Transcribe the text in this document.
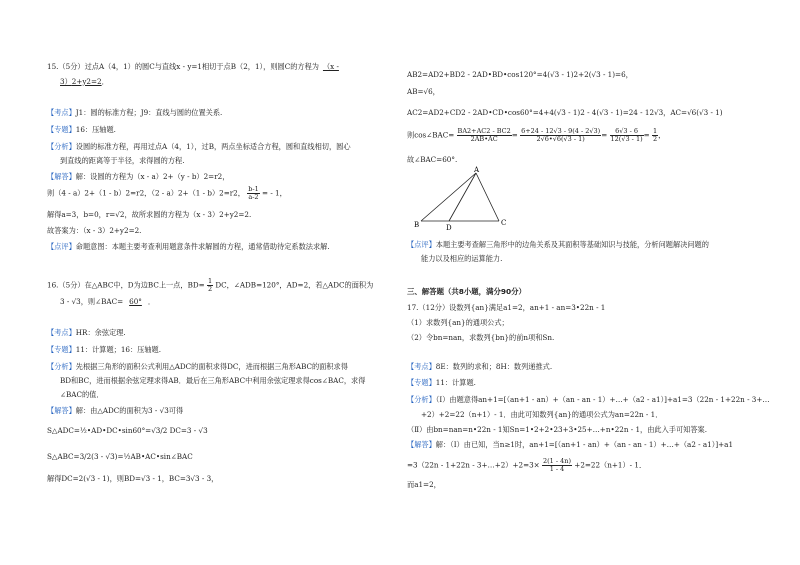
15.（5分）过点A（4，1）的圆C与直线x - y=1相切于点B（2，1），则圆C的方程为 （x -
3）2+y2=2．
【考点】J1：圆的标准方程；J9：直线与圆的位置关系.
【专题】16：压轴题.
【分析】设圆的标准方程，再用过点A（4，1），过B，两点坐标适合方程，圆和直线相切，圆心
到直线的距离等于半径，求得圆的方程.
【解答】解：设圆的方程为（x - a）2+（y - b）2=r2，
则（4 - a）2+（1 - b）2=r2，（2 - a）2+（1 - b）2=r2， $\frac{b-1}{a-2}$ = - 1，
解得a=3，b=0，r=√2，故所求圆的方程为（x - 3）2+y2=2.
故答案为：（x - 3）2+y2=2.
【点评】命题意图：本题主要考查利用题意条件求解圆的方程，通常借助待定系数法求解.
16.（5分）在△ABC中，D为边BC上一点，$BD= \frac{1}{2}$ DC，∠ADB=120°，AD=2，若△ADC的面积为
3 - √3，则∠BAC= 60° ．
【考点】HR：余弦定理.
【专题】11：计算题；16：压轴题.
【分析】先根据三角形的面积公式利用△ADC的面积求得DC，进而根据三角形ABC的面积求得
BD和BC，进而根据余弦定理求得AB．最后在三角形ABC中利用余弦定理求得cos∠BAC，求得
∠BAC的值．
【解答】解：由△ADC的面积为3 - √3可得
S△ADC=½•AD•DC•sin60°=√3/2 DC=3 - √3
S△ABC=3/2(3 - √3)=½AB•AC•sin∠BAC
解得DC=2(√3 - 1)，则BD=√3 - 1，BC=3√3 - 3，
AB2=AD2+BD2 - 2AD•BD•cos120°=4(√3 - 1)2+2(√3 - 1)=6，
AB=√6，
AC2=AD2+CD2 - 2AD•CD•cos60°=4+4(√3 - 1)2 - 4(√3 - 1)=24 - 12√3，AC=√6(√3 - 1)
则cos∠BAC= $\frac{BA2+AC2 - BC2}{2AB•AC} = \frac{6+24 - 12√3 - 9(4 - 2√3)}{2√6•√6(√3 - 1)} = \frac{6√3 - 6}{12(√3 - 1)} = \frac{1}{2}$ ，
故∠BAC=60°.
A
B	D
C
【点评】本题主要考查解三角形中的边角关系及其面积等基础知识与技能，分析问题解决问题的
能力以及相应的运算能力.
三、解答题（共8小题，满分90分）
17.（12分）设数列{an}满足a1=2，an+1 - an=3•22n - 1
（1）求数列{an}的通项公式；
（2）令bn=nan，求数列{bn}的前n项和Sn.
【考点】8E：数列的求和；8H：数列递推式.
【专题】11：计算题.
【分析】（Ⅰ）由题意得an+1=[（an+1 - an）+（an - an - 1）+…+（a2 - a1）]+a1=3（22n - 1+22n - 3+…
+2）+2=22（n+1）- 1．由此可知数列{an}的通项公式为an=22n - 1．
（Ⅱ）由bn=nan=n•22n - 1知Sn=1•2+2•23+3•25+…+n•22n - 1，由此入手可知答案.
【解答】解：（Ⅰ）由已知，当n≥1时，an+1=[（an+1 - an）+（an - an - 1）+…+（a2 - a1）]+a1
=3（22n - 1+22n - 3+…+2）+2=3× $\frac{2(1 - 4n)}{1 - 4} +2=22(n+1)-$ 1．
而a1=2，
